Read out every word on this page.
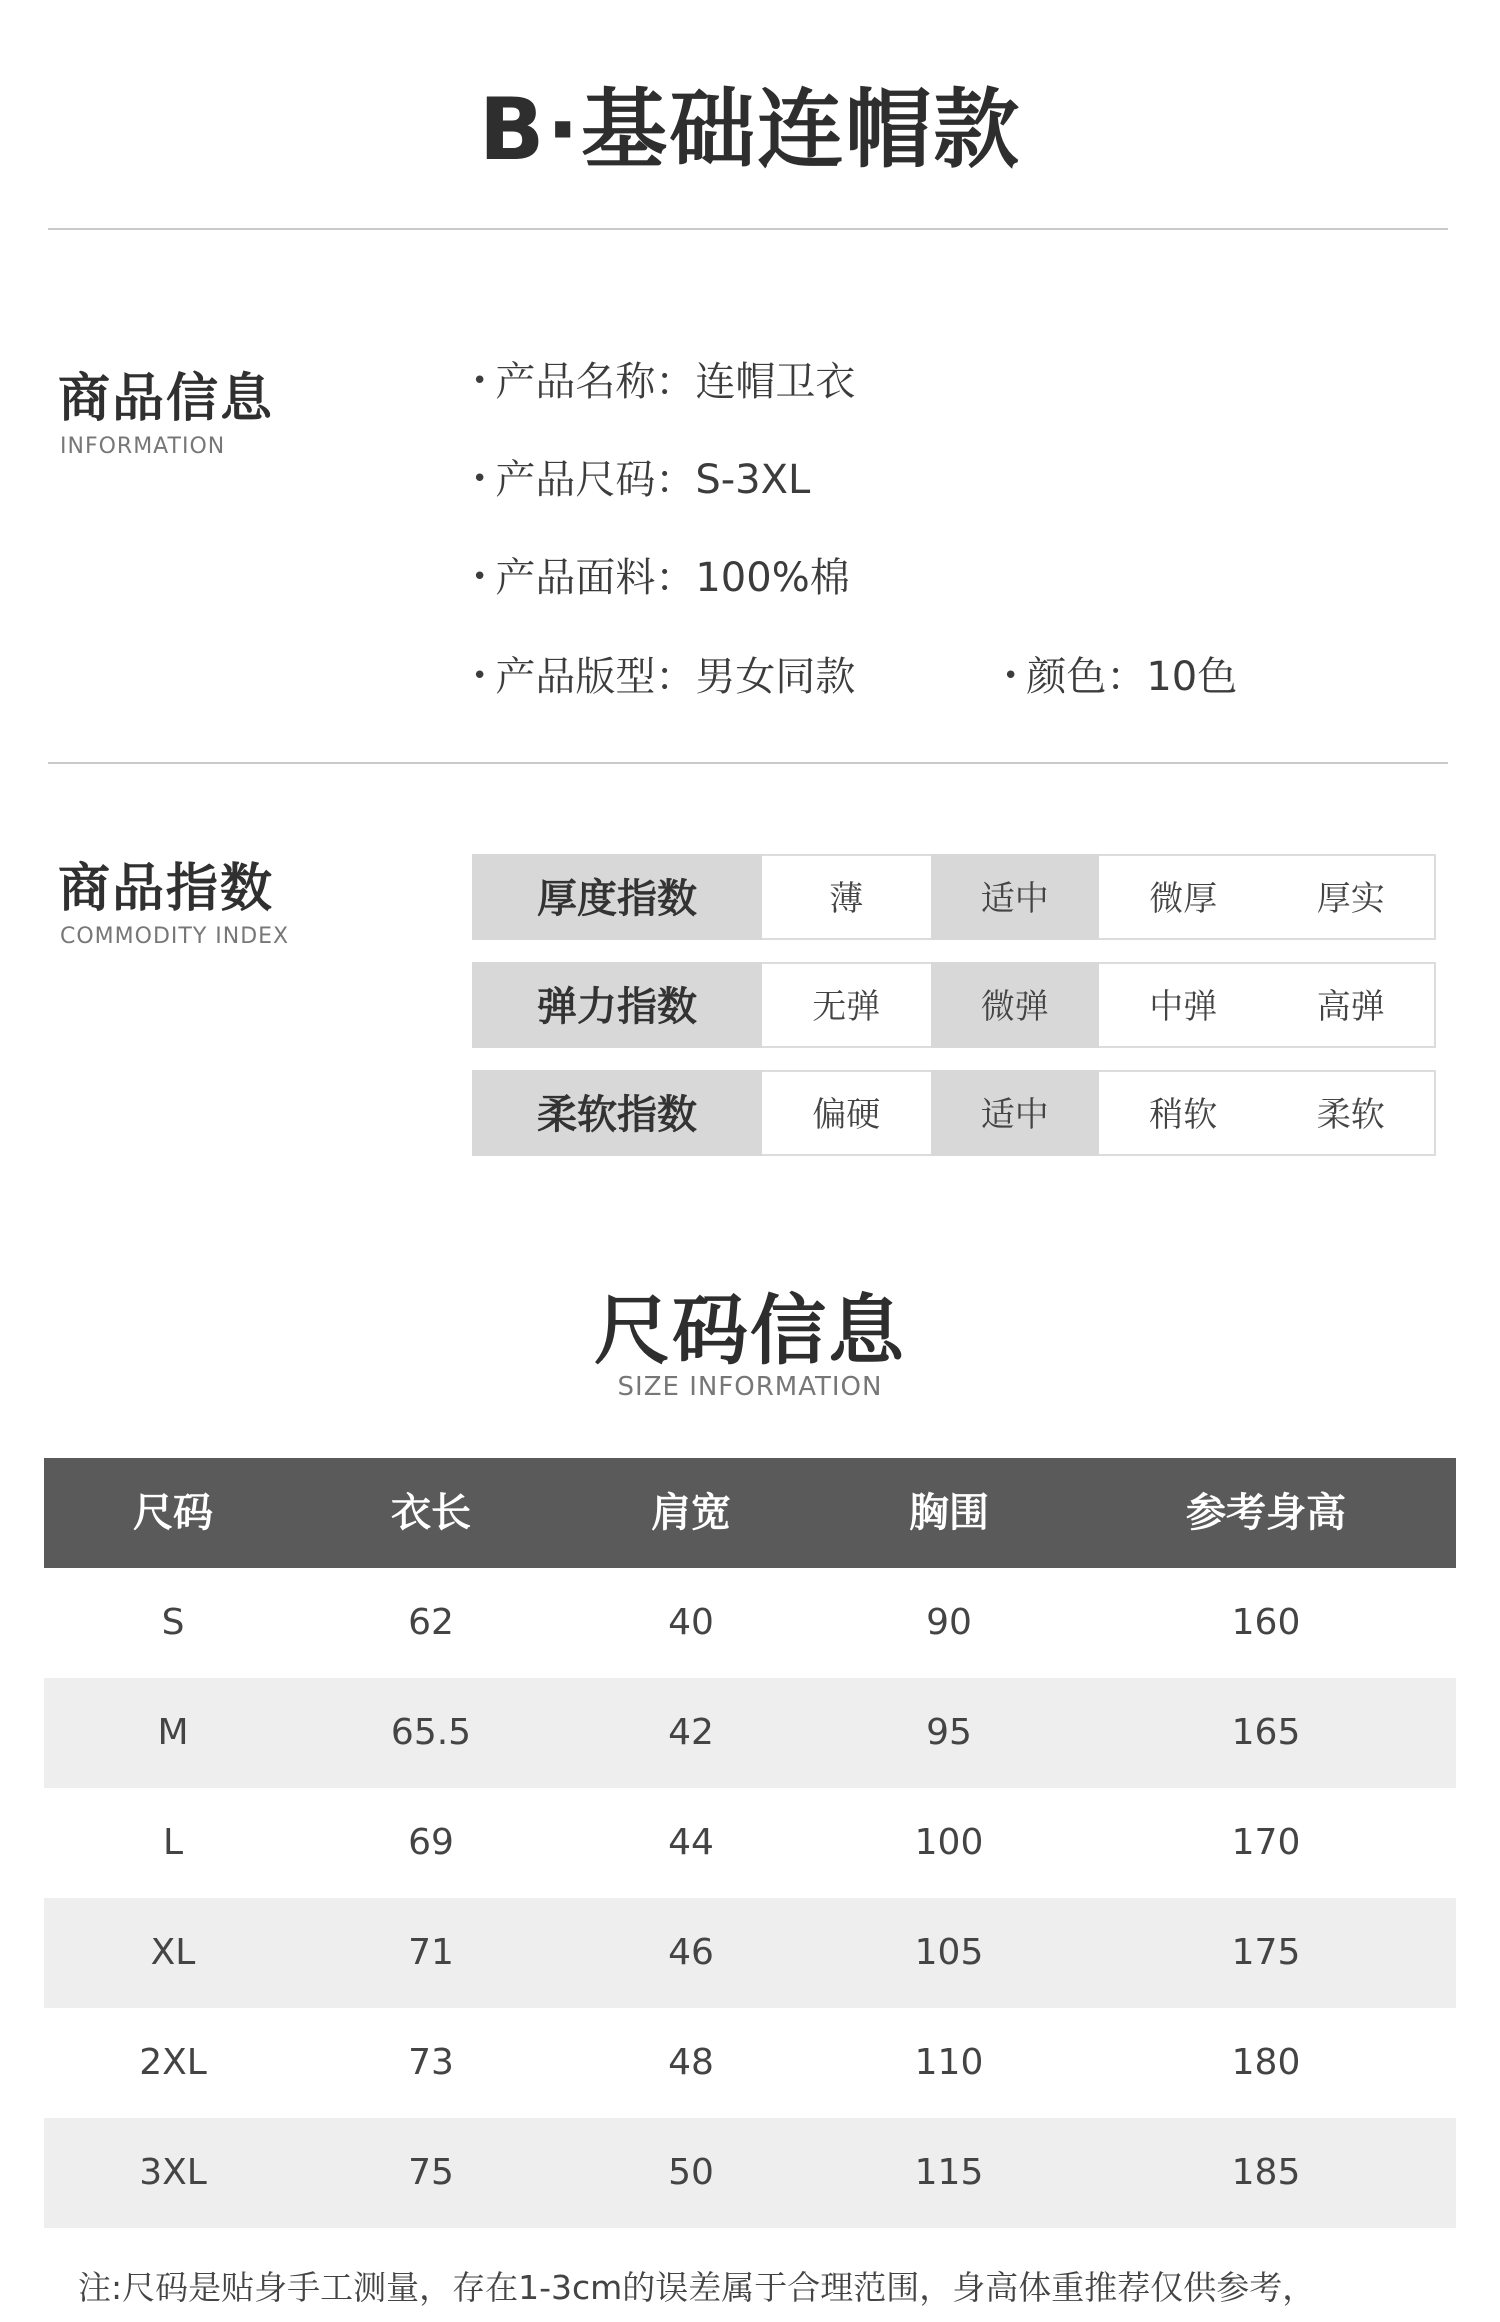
B·基础连帽款
商品信息
INFORMATION
• 产品名称：连帽卫衣
• 产品尺码：S-3XL
• 产品面料：100%棉
• 产品版型：男女同款	• 颜色：10色
商品指数
COMMODITY INDEX
厚度指数	薄	适中	微厚	厚实
弹力指数	无弹	微弹	中弹	高弹
柔软指数	偏硬	适中	稍软	柔软
尺码信息
SIZE INFORMATION
尺码	衣长	肩宽	胸围	参考身高
S	62	40	90	160
M	65.5	42	95	165
L	69	44	100	170
XL	71	46	105	175
2XL	73	48	110	180
3XL	75	50	115	185
注:尺码是贴身手工测量，存在1-3cm的误差属于合理范围，身高体重推荐仅供参考，
